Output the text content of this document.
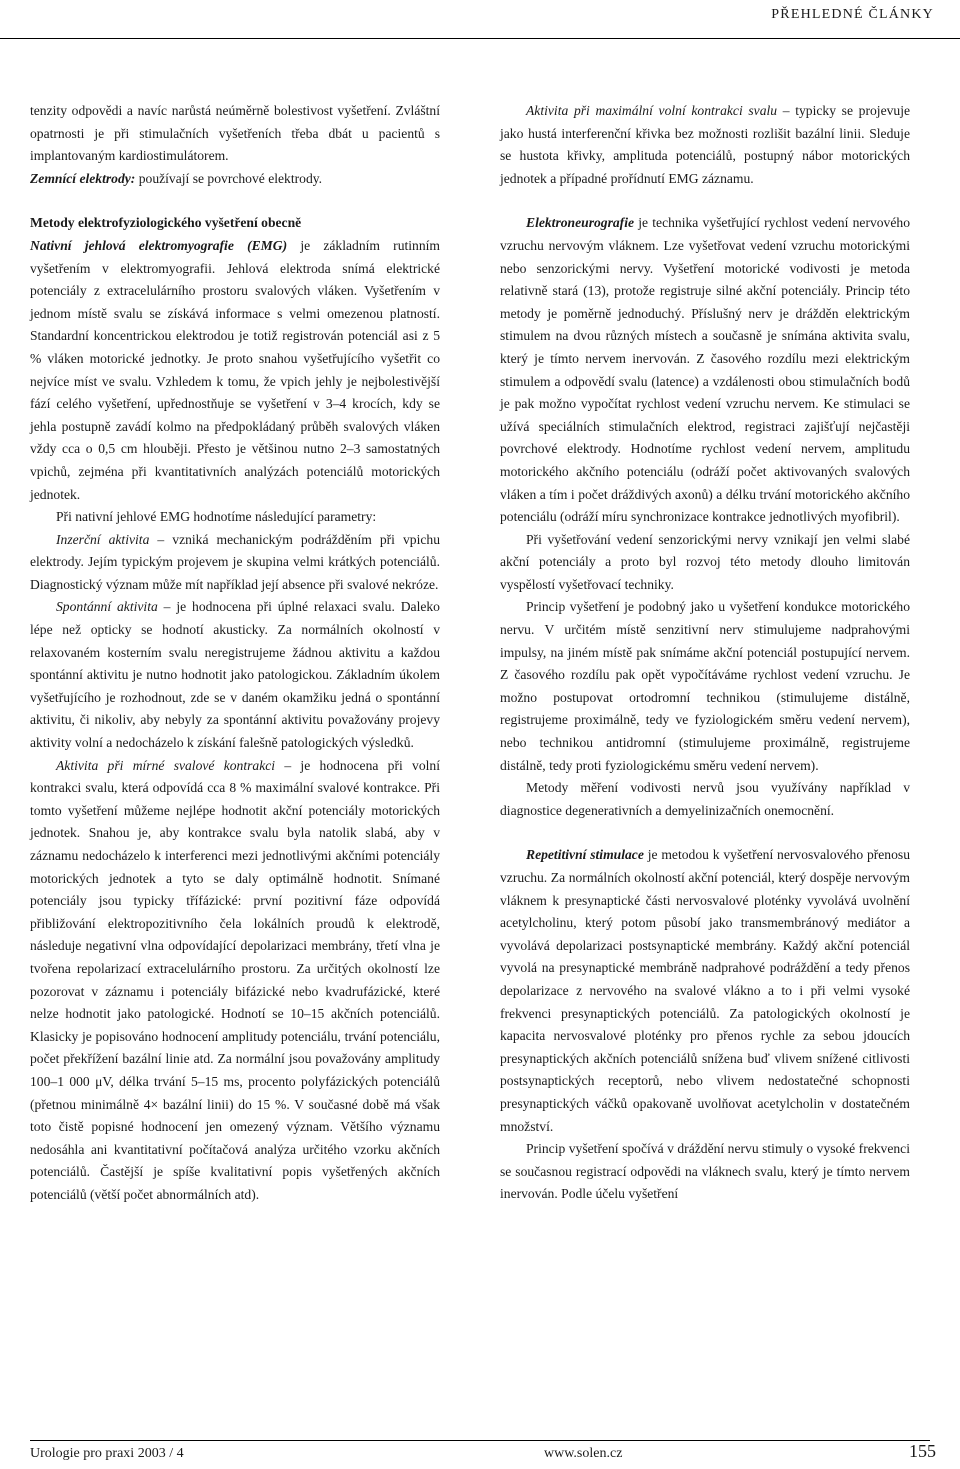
PŘEHLEDNÉ ČLÁNKY

tenzity odpovědi a navíc narůstá neúměrně bolestivost vyšetření. Zvláštní opatrnosti je při stimulačních vyšetřeních třeba dbát u pacientů s implantovaným kardiostimulátorem.

Zemnící elektrody: používají se povrchové elektrody.

Metody elektrofyziologického vyšetření obecně

Nativní jehlová elektromyografie (EMG) je základním rutinním vyšetřením v elektromyografii. Jehlová elektroda snímá elektrické potenciály z extracelulárního prostoru svalových vláken. Vyšetřením v jednom místě svalu se získává informace s velmi omezenou platností. Standardní koncentrickou elektrodou je totiž registrován potenciál asi z 5 % vláken motorické jednotky. Je proto snahou vyšetřujícího vyšetřit co nejvíce míst ve svalu. Vzhledem k tomu, že vpich jehly je nejbolestivější fází celého vyšetření, upřednostňuje se vyšetření v 3–4 krocích, kdy se jehla postupně zavádí kolmo na předpokládaný průběh svalových vláken vždy cca o 0,5 cm hlouběji. Přesto je většinou nutno 2–3 samostatných vpichů, zejména při kvantitativních analýzách potenciálů motorických jednotek.

Při nativní jehlové EMG hodnotíme následující parametry:

Inzerční aktivita – vzniká mechanickým podrážděním při vpichu elektrody. Jejím typickým projevem je skupina velmi krátkých potenciálů. Diagnostický význam může mít například její absence při svalové nekróze.

Spontánní aktivita – je hodnocena při úplné relaxaci svalu. Daleko lépe než opticky se hodnotí akusticky. Za normálních okolností v relaxovaném kosterním svalu neregistrujeme žádnou aktivitu a každou spontánní aktivitu je nutno hodnotit jako patologickou. Základním úkolem vyšetřujícího je rozhodnout, zde se v daném okamžiku jedná o spontánní aktivitu, či nikoliv, aby nebyly za spontánní aktivitu považovány projevy aktivity volní a nedocházelo k získání falešně patologických výsledků.

Aktivita při mírné svalové kontrakci – je hodnocena při volní kontrakci svalu, která odpovídá cca 8 % maximální svalové kontrakce. Při tomto vyšetření můžeme nejlépe hodnotit akční potenciály motorických jednotek. Snahou je, aby kontrakce svalu byla natolik slabá, aby v záznamu nedocházelo k interferenci mezi jednotlivými akčními potenciály motorických jednotek a tyto se daly optimálně hodnotit. Snímané potenciály jsou typicky třífázické: první pozitivní fáze odpovídá přibližování elektropozitivního čela lokálních proudů k elektrodě, následuje negativní vlna odpovídající depolarizaci membrány, třetí vlna je tvořena repolarizací extracelulárního prostoru. Za určitých okolností lze pozorovat v záznamu i potenciály bifázické nebo kvadrufázické, které nelze hodnotit jako patologické. Hodnotí se 10–15 akčních potenciálů. Klasicky je popisováno hodnocení amplitudy potenciálu, trvání potenciálu, počet překřížení bazální linie atd. Za normální jsou považovány amplitudy 100–1 000 μV, délka trvání 5–15 ms, procento polyfázických potenciálů (přetnou minimálně 4× bazální linii) do 15 %. V současné době má však toto čistě popisné hodnocení jen omezený význam. Většího významu nedosáhla ani kvantitativní počítačová analýza určitého vzorku akčních potenciálů. Častější je spíše kvalitativní popis vyšetřených akčních potenciálů (větší počet abnormálních atd).

Aktivita při maximální volní kontrakci svalu – typicky se projevuje jako hustá interferenční křivka bez možnosti rozlišit bazální linii. Sleduje se hustota křivky, amplituda potenciálů, postupný nábor motorických jednotek a případné prořídnutí EMG záznamu.

Elektroneurografie je technika vyšetřující rychlost vedení nervového vzruchu nervovým vláknem. Lze vyšetřovat vedení vzruchu motorickými nebo senzorickými nervy. Vyšetření motorické vodivosti je metoda relativně stará (13), protože registruje silné akční potenciály. Princip této metody je poměrně jednoduchý. Příslušný nerv je drážděn elektrickým stimulem na dvou různých místech a současně je snímána aktivita svalu, který je tímto nervem inervován. Z časového rozdílu mezi elektrickým stimulem a odpovědí svalu (latence) a vzdálenosti obou stimulačních bodů je pak možno vypočítat rychlost vedení vzruchu nervem. Ke stimulaci se užívá speciálních stimulačních elektrod, registraci zajišťují nejčastěji povrchové elektrody. Hodnotíme rychlost vedení nervem, amplitudu motorického akčního potenciálu (odráží počet aktivovaných svalových vláken a tím i počet dráždivých axonů) a délku trvání motorického akčního potenciálu (odráží míru synchronizace kontrakce jednotlivých myofibril).

Při vyšetřování vedení senzorickými nervy vznikají jen velmi slabé akční potenciály a proto byl rozvoj této metody dlouho limitován vyspělostí vyšetřovací techniky.

Princip vyšetření je podobný jako u vyšetření kondukce motorického nervu. V určitém místě senzitivní nerv stimulujeme nadprahovými impulsy, na jiném místě pak snímáme akční potenciál postupující nervem. Z časového rozdílu pak opět vypočítáváme rychlost vedení vzruchu. Je možno postupovat ortodromní technikou (stimulujeme distálně, registrujeme proximálně, tedy ve fyziologickém směru vedení nervem), nebo technikou antidromní (stimulujeme proximálně, registrujeme distálně, tedy proti fyziologickému směru vedení nervem).

Metody měření vodivosti nervů jsou využívány například v diagnostice degenerativních a demyelinizačních onemocnění.

Repetitivní stimulace je metodou k vyšetření nervosvalového přenosu vzruchu. Za normálních okolností akční potenciál, který dospěje nervovým vláknem k presynaptické části nervosvalové ploténky vyvolává uvolnění acetylcholinu, který potom působí jako transmembránový mediátor a vyvolává depolarizaci postsynaptické membrány. Každý akční potenciál vyvolá na presynaptické membráně nadprahové podráždění a tedy přenos depolarizace z nervového na svalové vlákno a to i při velmi vysoké frekvenci presynaptických potenciálů. Za patologických okolností je kapacita nervosvalové ploténky pro přenos rychle za sebou jdoucích presynaptických akčních potenciálů snížena buď vlivem snížené citlivosti postsynaptických receptorů, nebo vlivem nedostatečné schopnosti presynaptických váčků opakovaně uvolňovat acetylcholin v dostatečném množství.

Princip vyšetření spočívá v dráždění nervu stimuly o vysoké frekvenci se současnou registrací odpovědi na vláknech svalu, který je tímto nervem inervován. Podle účelu vyšetření

Urologie pro praxi 2003 / 4	www.solen.cz	155
